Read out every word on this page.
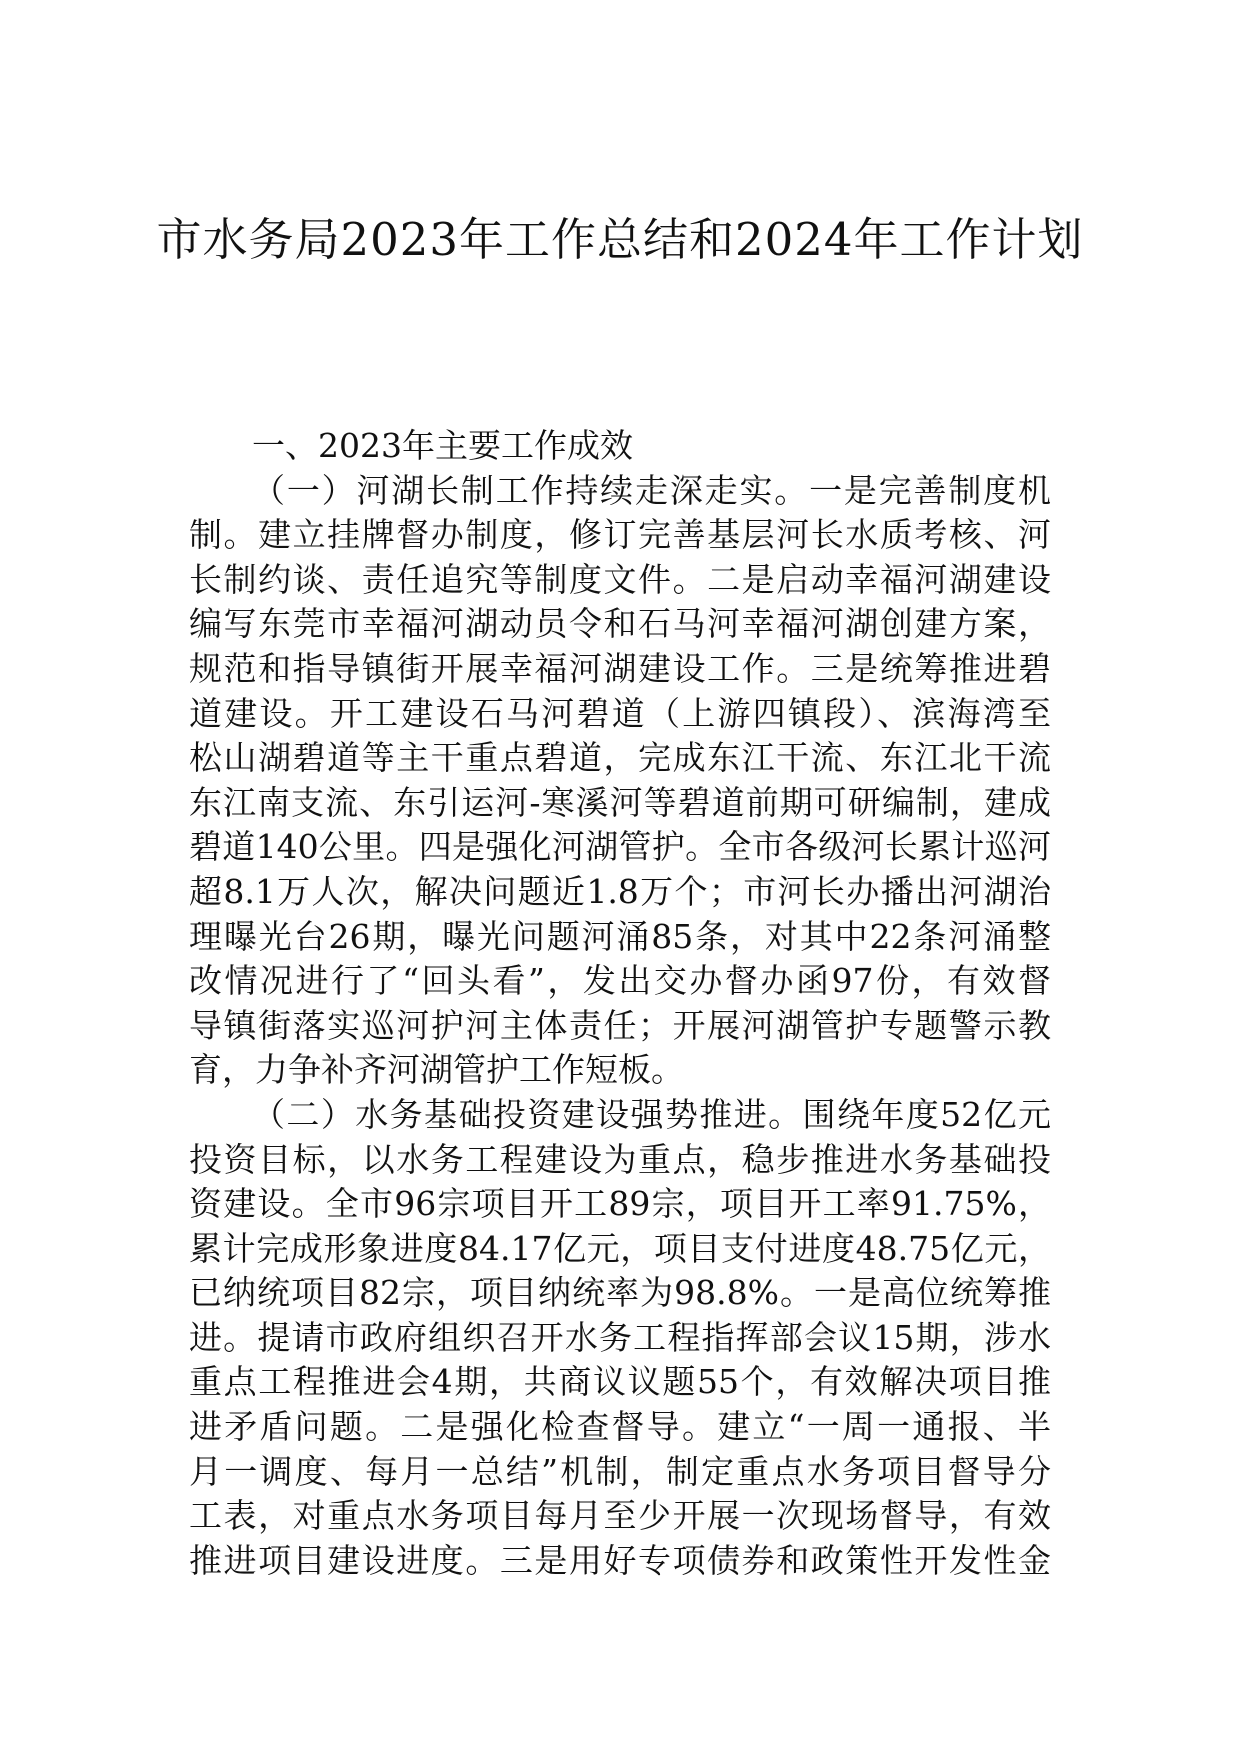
市水务局2023年工作总结和2024年工作计划
一、2023年主要工作成效
（一）河湖长制工作持续走深走实。一是完善制度机
制。建立挂牌督办制度，修订完善基层河长水质考核、河
长制约谈、责任追究等制度文件。二是启动幸福河湖建设
编写东莞市幸福河湖动员令和石马河幸福河湖创建方案，
规范和指导镇街开展幸福河湖建设工作。三是统筹推进碧
道建设。开工建设石马河碧道（上游四镇段）、滨海湾至
松山湖碧道等主干重点碧道，完成东江干流、东江北干流
东江南支流、东引运河-寒溪河等碧道前期可研编制，建成
碧道140公里。四是强化河湖管护。全市各级河长累计巡河
超8.1万人次，解决问题近1.8万个；市河长办播出河湖治
理曝光台26期，曝光问题河涌85条，对其中22条河涌整
改情况进行了“回头看”，发出交办督办函97份，有效督
导镇街落实巡河护河主体责任；开展河湖管护专题警示教
育，力争补齐河湖管护工作短板。
（二）水务基础投资建设强势推进。围绕年度52亿元
投资目标，以水务工程建设为重点，稳步推进水务基础投
资建设。全市96宗项目开工89宗，项目开工率91.75%，
累计完成形象进度84.17亿元，项目支付进度48.75亿元，
已纳统项目82宗，项目纳统率为98.8%。一是高位统筹推
进。提请市政府组织召开水务工程指挥部会议15期，涉水
重点工程推进会4期，共商议议题55个，有效解决项目推
进矛盾问题。二是强化检查督导。建立“一周一通报、半
月一调度、每月一总结”机制，制定重点水务项目督导分
工表，对重点水务项目每月至少开展一次现场督导，有效
推进项目建设进度。三是用好专项债券和政策性开发性金
